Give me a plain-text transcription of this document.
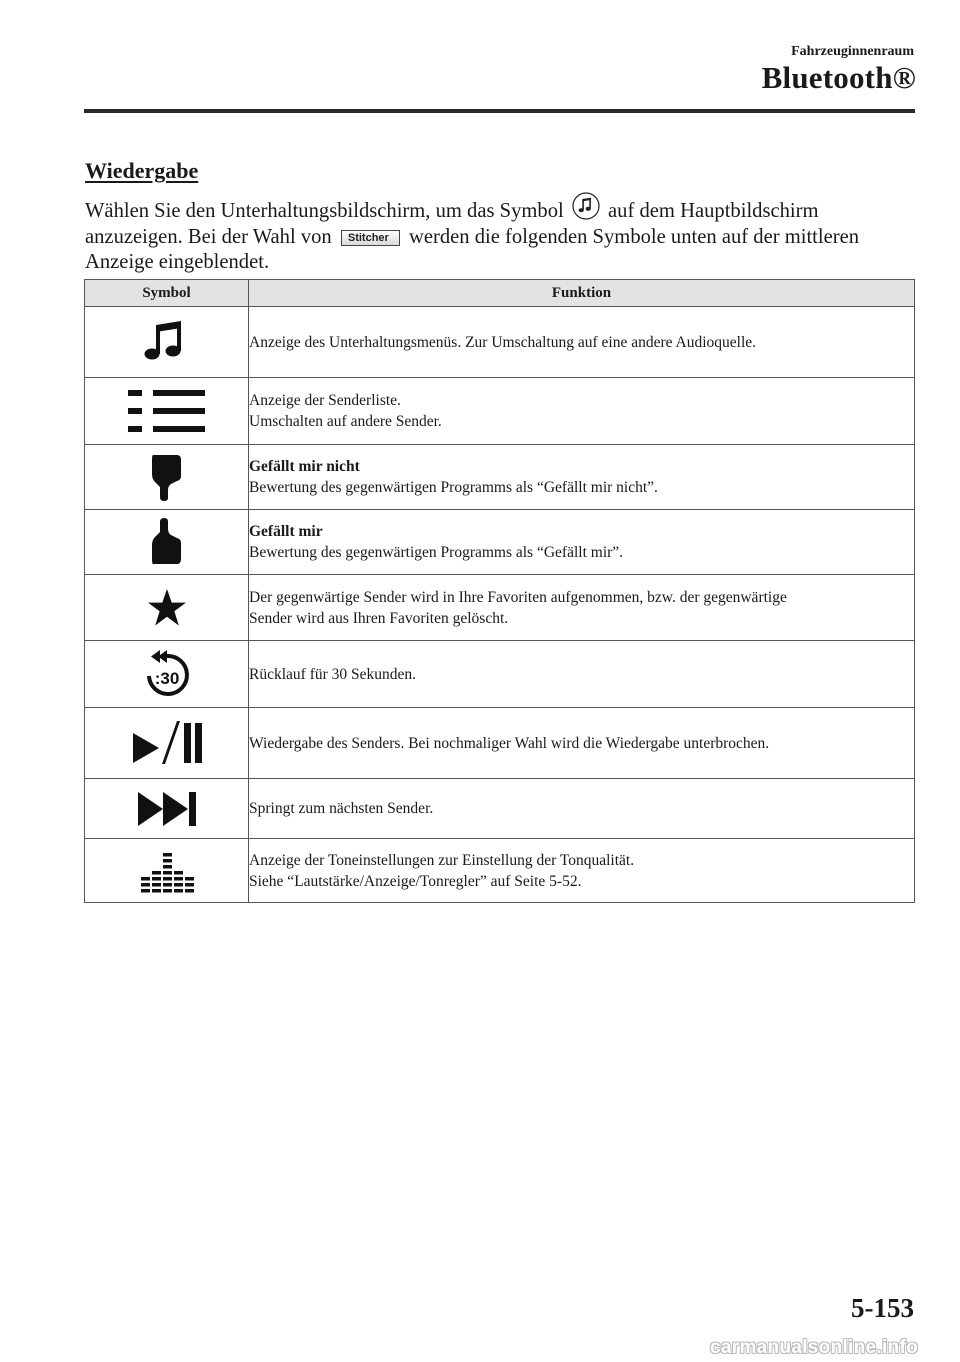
Fahrzeuginnenraum
Bluetooth®
Wiedergabe
Wählen Sie den Unterhaltungsbildschirm, um das Symbol auf dem Hauptbildschirm anzuzeigen. Bei der Wahl von Stitcher werden die folgenden Symbole unten auf der mittleren Anzeige eingeblendet.
Symbol	Funktion

Anzeige des Unterhaltungsmenüs. Zur Umschaltung auf eine andere Audioquelle.

Anzeige der Senderliste.
Umschalten auf andere Sender.

Gefällt mir nicht
Bewertung des gegenwärtigen Programms als “Gefällt mir nicht”.

Gefällt mir
Bewertung des gegenwärtigen Programms als “Gefällt mir”.

Der gegenwärtige Sender wird in Ihre Favoriten aufgenommen, bzw. der gegenwärtige
Sender wird aus Ihren Favoriten gelöscht.

:30	Rücklauf für 30 Sekunden.

Wiedergabe des Senders. Bei nochmaliger Wahl wird die Wiedergabe unterbrochen.

Springt zum nächsten Sender.

Anzeige der Toneinstellungen zur Einstellung der Tonqualität.
Siehe “Lautstärke/Anzeige/Tonregler” auf Seite 5-52.
5-153
carmanualsonline.info
